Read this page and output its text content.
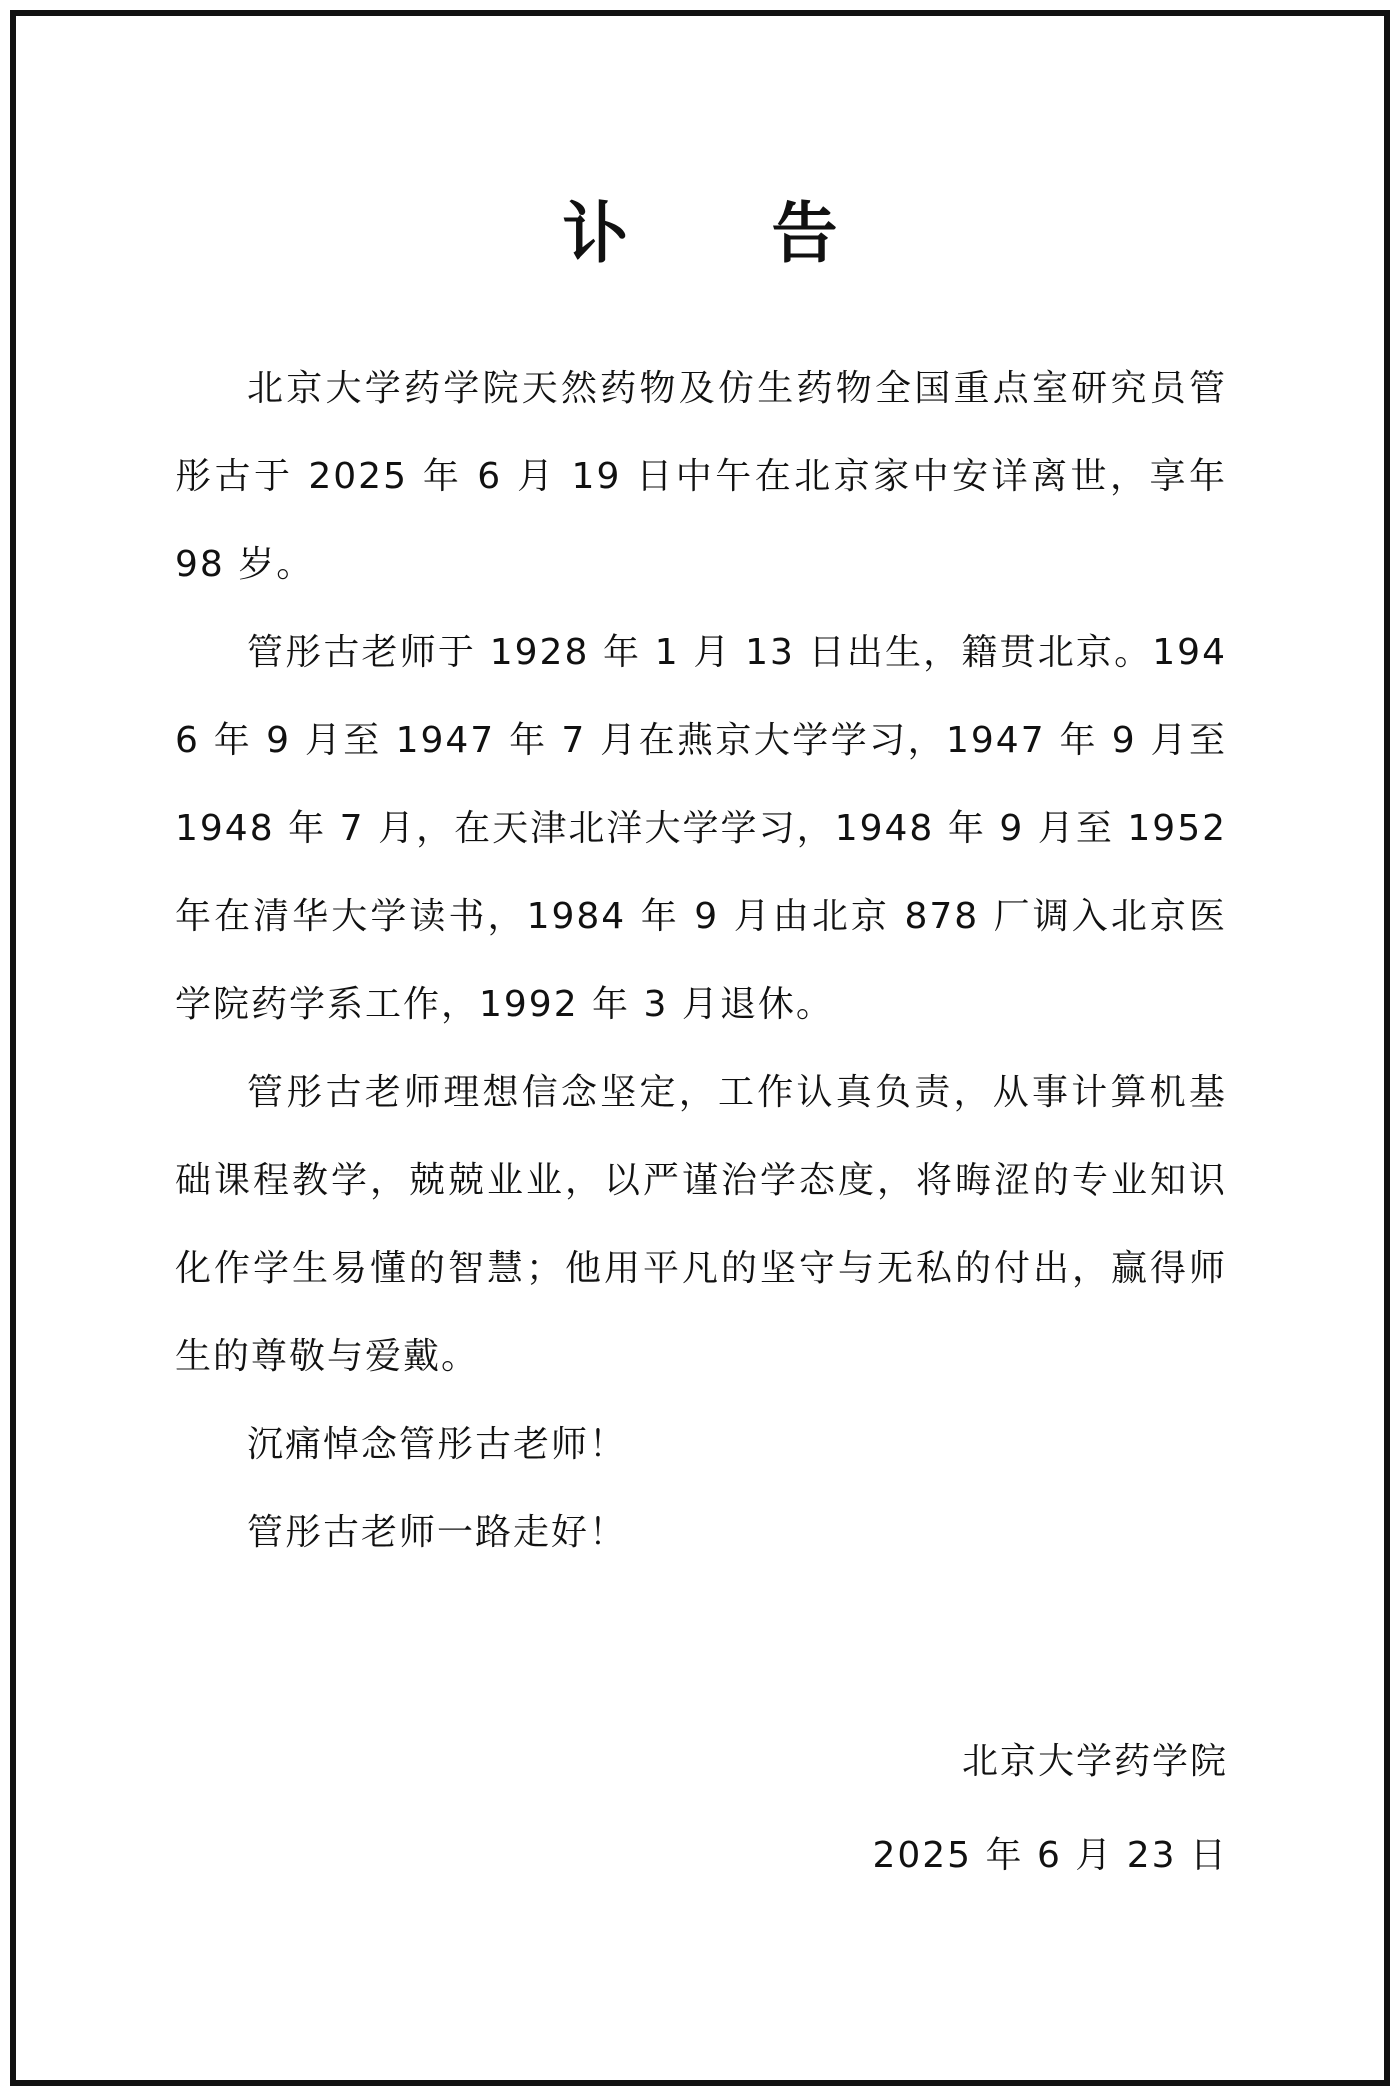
讣 告

北京大学药学院天然药物及仿生药物全国重点室研究员管彤古于 2025 年 6 月 19 日中午在北京家中安详离世，享年 98 岁。

管彤古老师于 1928 年 1 月 13 日出生，籍贯北京。1946 年 9 月至 1947 年 7 月在燕京大学学习，1947 年 9 月至 1948 年 7 月，在天津北洋大学学习，1948 年 9 月至 1952 年在清华大学读书，1984 年 9 月由北京 878 厂调入北京医学院药学系工作，1992 年 3 月退休。

管彤古老师理想信念坚定，工作认真负责，从事计算机基础课程教学，兢兢业业，以严谨治学态度，将晦涩的专业知识化作学生易懂的智慧；他用平凡的坚守与无私的付出，赢得师生的尊敬与爱戴。

沉痛悼念管彤古老师！

管彤古老师一路走好！

北京大学药学院
2025 年 6 月 23 日
